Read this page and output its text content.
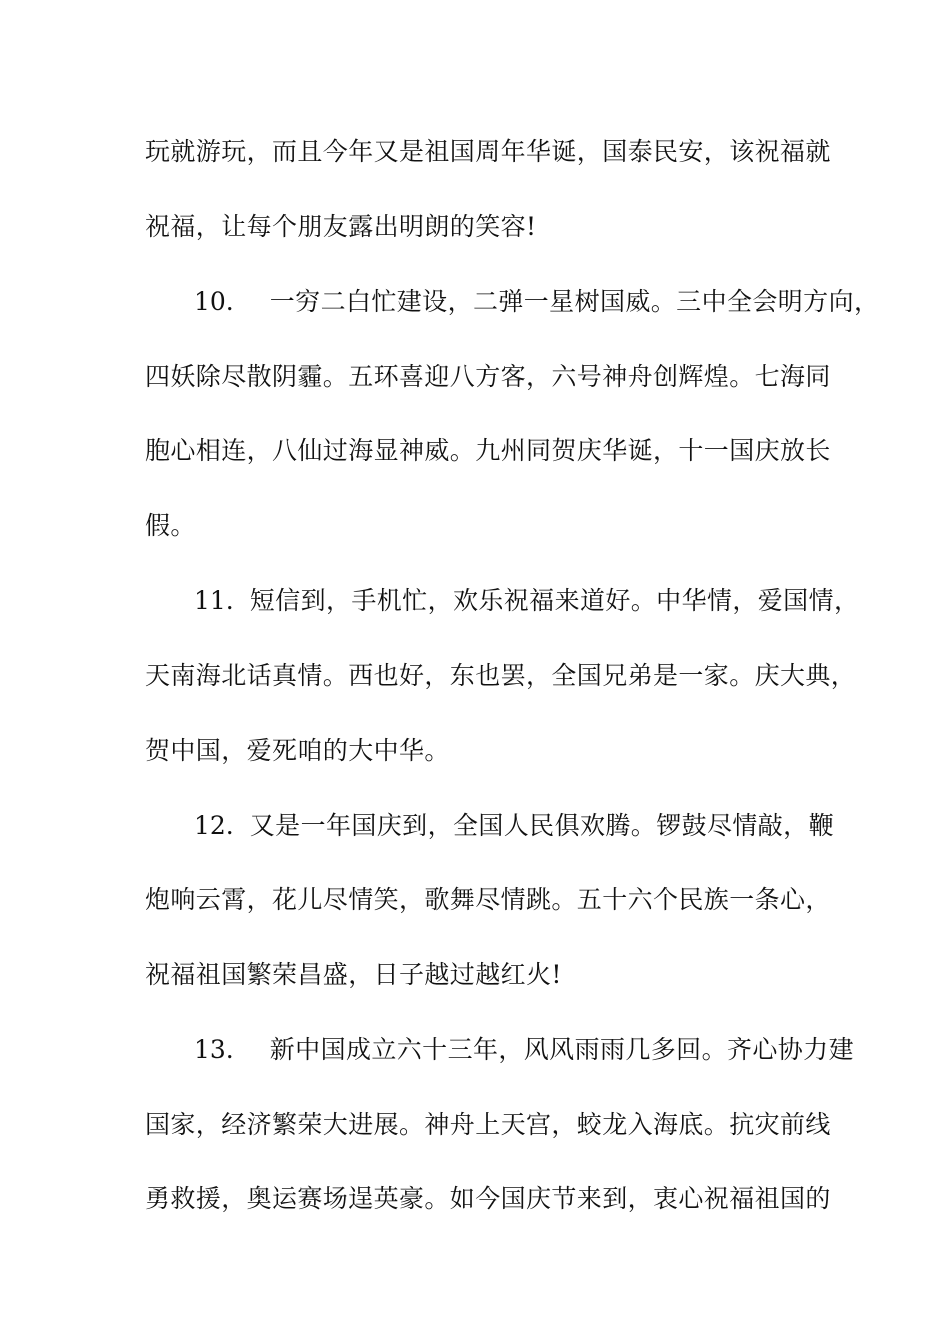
玩就游玩，而且今年又是祖国周年华诞，国泰民安，该祝福就
祝福，让每个朋友露出明朗的笑容!
10. 一穷二白忙建设，二弹一星树国威。三中全会明方向，
四妖除尽散阴霾。五环喜迎八方客，六号神舟创辉煌。七海同
胞心相连，八仙过海显神威。九州同贺庆华诞，十一国庆放长
假。
11. 短信到，手机忙，欢乐祝福来道好。中华情，爱国情，
天南海北话真情。西也好，东也罢，全国兄弟是一家。庆大典，
贺中国，爱死咱的大中华。
12. 又是一年国庆到，全国人民俱欢腾。锣鼓尽情敲，鞭
炮响云霄，花儿尽情笑，歌舞尽情跳。五十六个民族一条心，
祝福祖国繁荣昌盛，日子越过越红火!
13. 新中国成立六十三年，风风雨雨几多回。齐心协力建
国家，经济繁荣大进展。神舟上天宫，蛟龙入海底。抗灾前线
勇救援，奥运赛场逞英豪。如今国庆节来到，衷心祝福祖国的
